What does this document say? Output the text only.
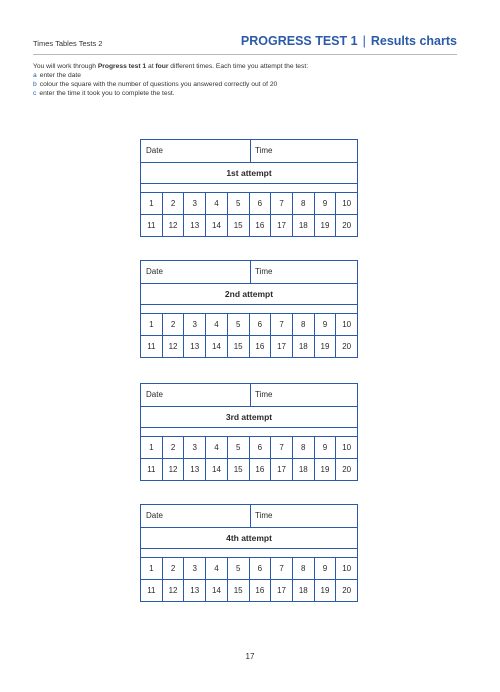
Times Tables Tests 2	PROGRESS TEST 1 | Results charts

You will work through Progress test 1 at four different times. Each time you attempt the test:

a enter the date

b colour the square with the number of questions you answered correctly out of 20

c enter the time it took you to complete the test.

Date	Time
1st attempt
1	2	3	4	5	6	7	8	9	10
11	12	13	14	15	16	17	18	19	20
Date	Time
2nd attempt
1	2	3	4	5	6	7	8	9	10
11	12	13	14	15	16	17	18	19	20
Date	Time
3rd attempt
1	2	3	4	5	6	7	8	9	10
11	12	13	14	15	16	17	18	19	20
Date	Time
4th attempt
1	2	3	4	5	6	7	8	9	10
11	12	13	14	15	16	17	18	19	20
17
